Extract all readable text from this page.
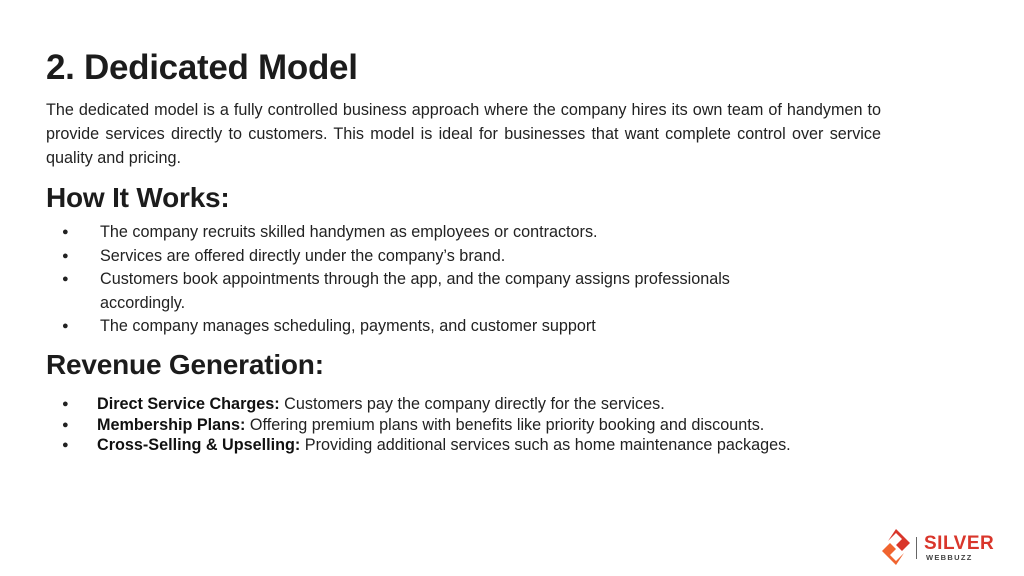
2. Dedicated Model

The dedicated model is a fully controlled business approach where the company hires its own team of handymen to provide services directly to customers. This model is ideal for businesses that want complete control over service quality and pricing.

How It Works:
● The company recruits skilled handymen as employees or contractors.
● Services are offered directly under the company’s brand.
● Customers book appointments through the app, and the company assigns professionals accordingly.
● The company manages scheduling, payments, and customer support
Revenue Generation:
● Direct Service Charges: Customers pay the company directly for the services.
● Membership Plans: Offering premium plans with benefits like priority booking and discounts.
● Cross-Selling & Upselling: Providing additional services such as home maintenance packages.
SILVER
WEBBUZZ
